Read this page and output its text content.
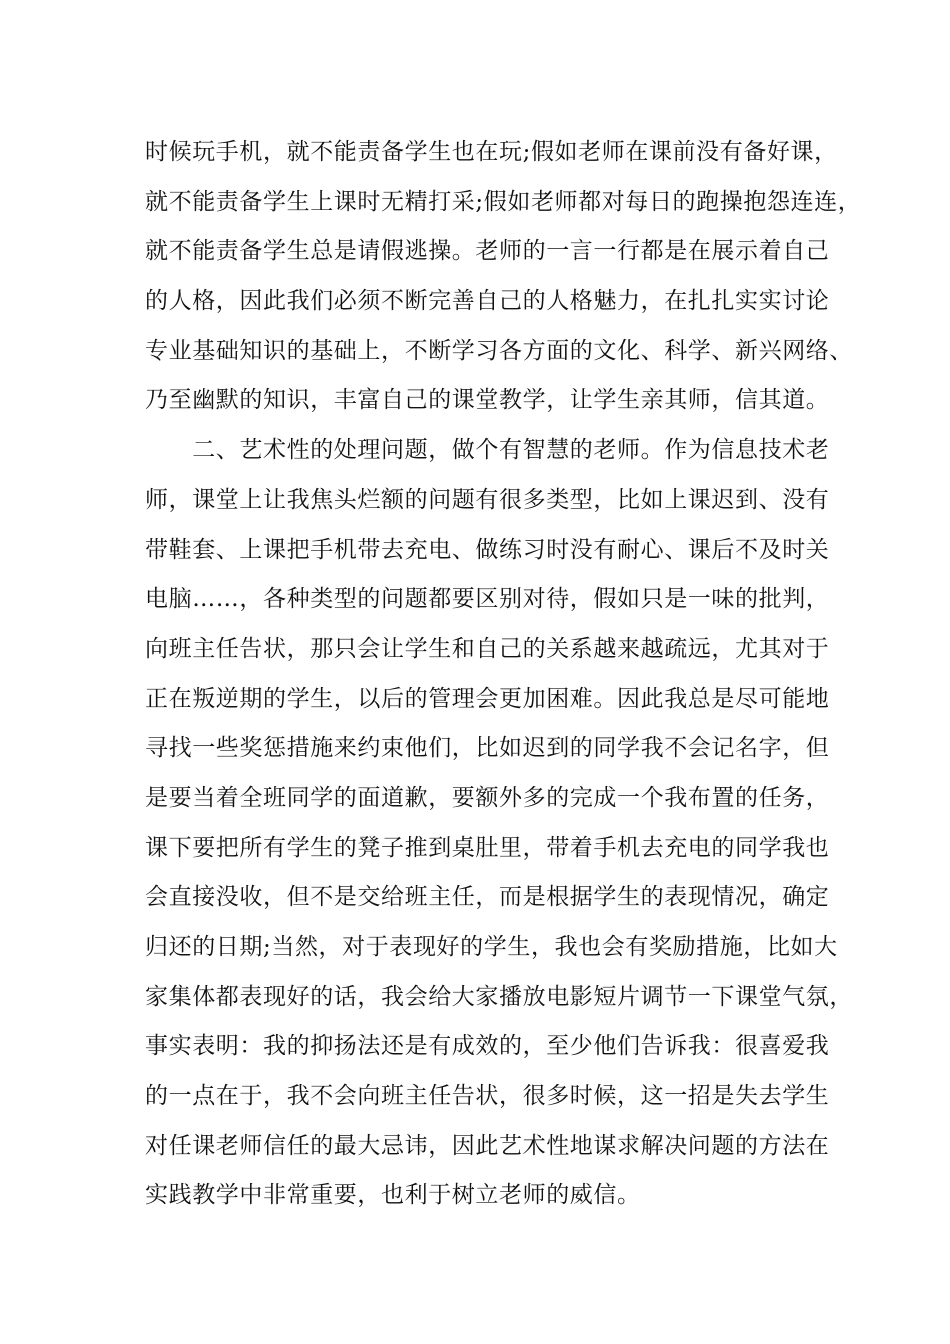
时候玩手机，就不能责备学生也在玩;假如老师在课前没有备好课，
就不能责备学生上课时无精打采;假如老师都对每日的跑操抱怨连连，
就不能责备学生总是请假逃操。老师的一言一行都是在展示着自己
的人格，因此我们必须不断完善自己的人格魅力，在扎扎实实讨论
专业基础知识的基础上，不断学习各方面的文化、科学、新兴网络、
乃至幽默的知识，丰富自己的课堂教学，让学生亲其师，信其道。
　　二、艺术性的处理问题，做个有智慧的老师。作为信息技术老
师，课堂上让我焦头烂额的问题有很多类型，比如上课迟到、没有
带鞋套、上课把手机带去充电、做练习时没有耐心、课后不及时关
电脑……，各种类型的问题都要区别对待，假如只是一味的批判，
向班主任告状，那只会让学生和自己的关系越来越疏远，尤其对于
正在叛逆期的学生，以后的管理会更加困难。因此我总是尽可能地
寻找一些奖惩措施来约束他们，比如迟到的同学我不会记名字，但
是要当着全班同学的面道歉，要额外多的完成一个我布置的任务，
课下要把所有学生的凳子推到桌肚里，带着手机去充电的同学我也
会直接没收，但不是交给班主任，而是根据学生的表现情况，确定
归还的日期;当然，对于表现好的学生，我也会有奖励措施，比如大
家集体都表现好的话，我会给大家播放电影短片调节一下课堂气氛，
事实表明：我的抑扬法还是有成效的，至少他们告诉我：很喜爱我
的一点在于，我不会向班主任告状，很多时候，这一招是失去学生
对任课老师信任的最大忌讳，因此艺术性地谋求解决问题的方法在
实践教学中非常重要，也利于树立老师的威信。
